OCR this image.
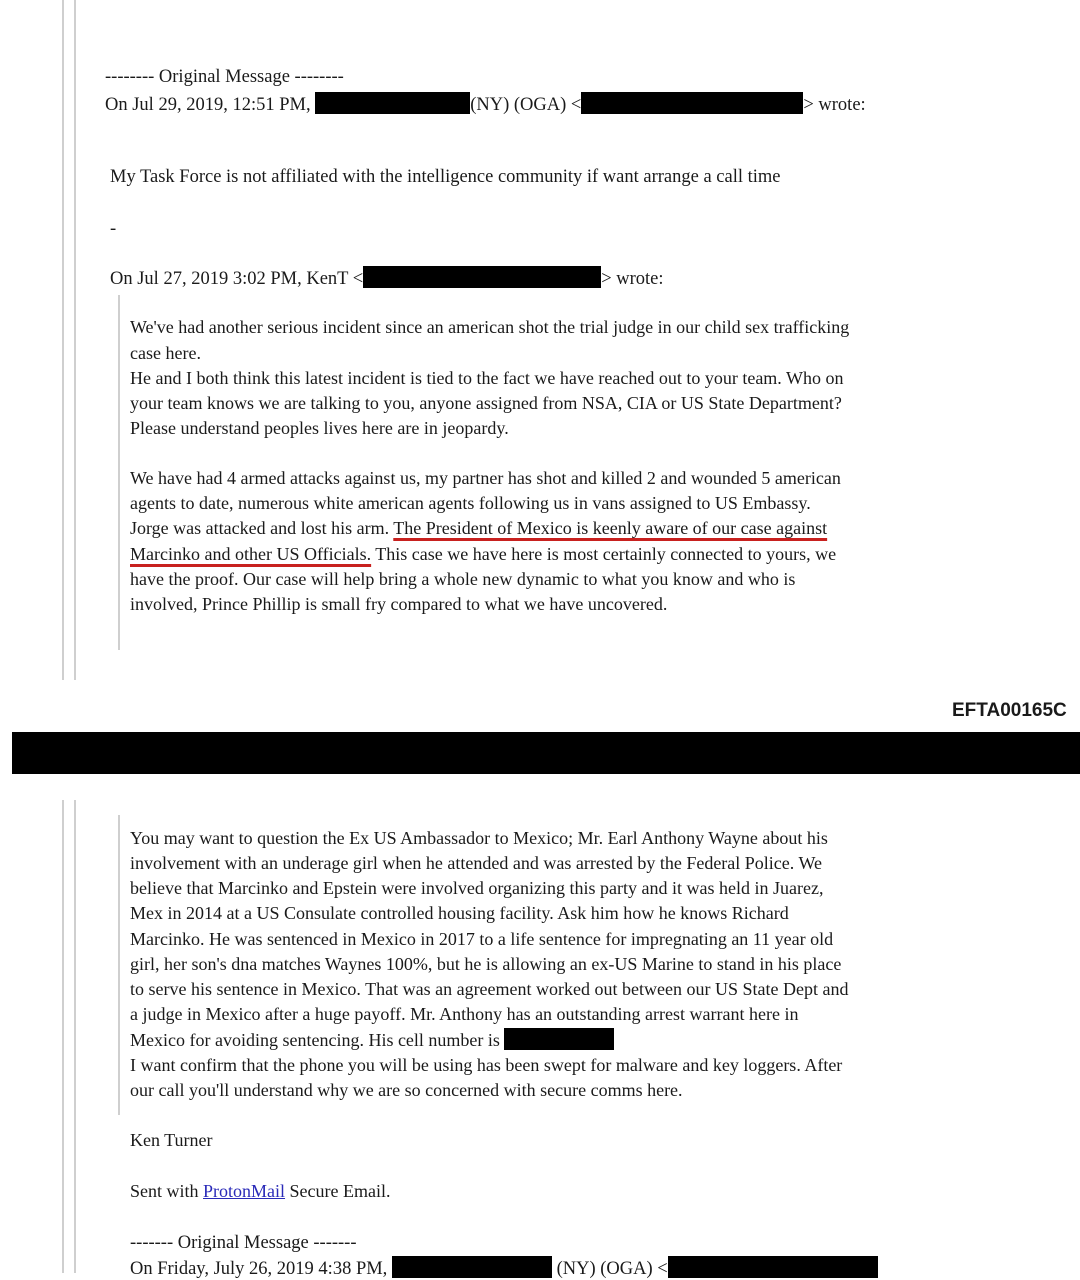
-------- Original Message --------
On Jul 29, 2019, 12:51 PM,	(NY) (OGA) <	> wrote:
My Task Force is not affiliated with the intelligence community if want arrange a call time
-
On Jul 27, 2019 3:02 PM, KenT <	> wrote:
We've had another serious incident since an american shot the trial judge in our child sex trafficking
case here.
He and I both think this latest incident is tied to the fact we have reached out to your team. Who on
your team knows we are talking to you, anyone assigned from NSA, CIA or US State Department?
Please understand peoples lives here are in jeopardy.
We have had 4 armed attacks against us, my partner has shot and killed 2 and wounded 5 american
agents to date, numerous white american agents following us in vans assigned to US Embassy.
Jorge was attacked and lost his arm. The President of Mexico is keenly aware of our case against
Marcinko and other US Officials. This case we have here is most certainly connected to yours, we
have the proof. Our case will help bring a whole new dynamic to what you know and who is
involved, Prince Phillip is small fry compared to what we have uncovered.
EFTA00165C
You may want to question the Ex US Ambassador to Mexico; Mr. Earl Anthony Wayne about his
involvement with an underage girl when he attended and was arrested by the Federal Police. We
believe that Marcinko and Epstein were involved organizing this party and it was held in Juarez,
Mex in 2014 at a US Consulate controlled housing facility. Ask him how he knows Richard
Marcinko. He was sentenced in Mexico in 2017 to a life sentence for impregnating an 11 year old
girl, her son's dna matches Waynes 100%, but he is allowing an ex-US Marine to stand in his place
to serve his sentence in Mexico. That was an agreement worked out between our US State Dept and
a judge in Mexico after a huge payoff. Mr. Anthony has an outstanding arrest warrant here in
Mexico for avoiding sentencing. His cell number is
I want confirm that the phone you will be using has been swept for malware and key loggers. After
our call you'll understand why we are so concerned with secure comms here.
Ken Turner
Sent with ProtonMail Secure Email.
------- Original Message -------
On Friday, July 26, 2019 4:38 PM,	(NY) (OGA) <
